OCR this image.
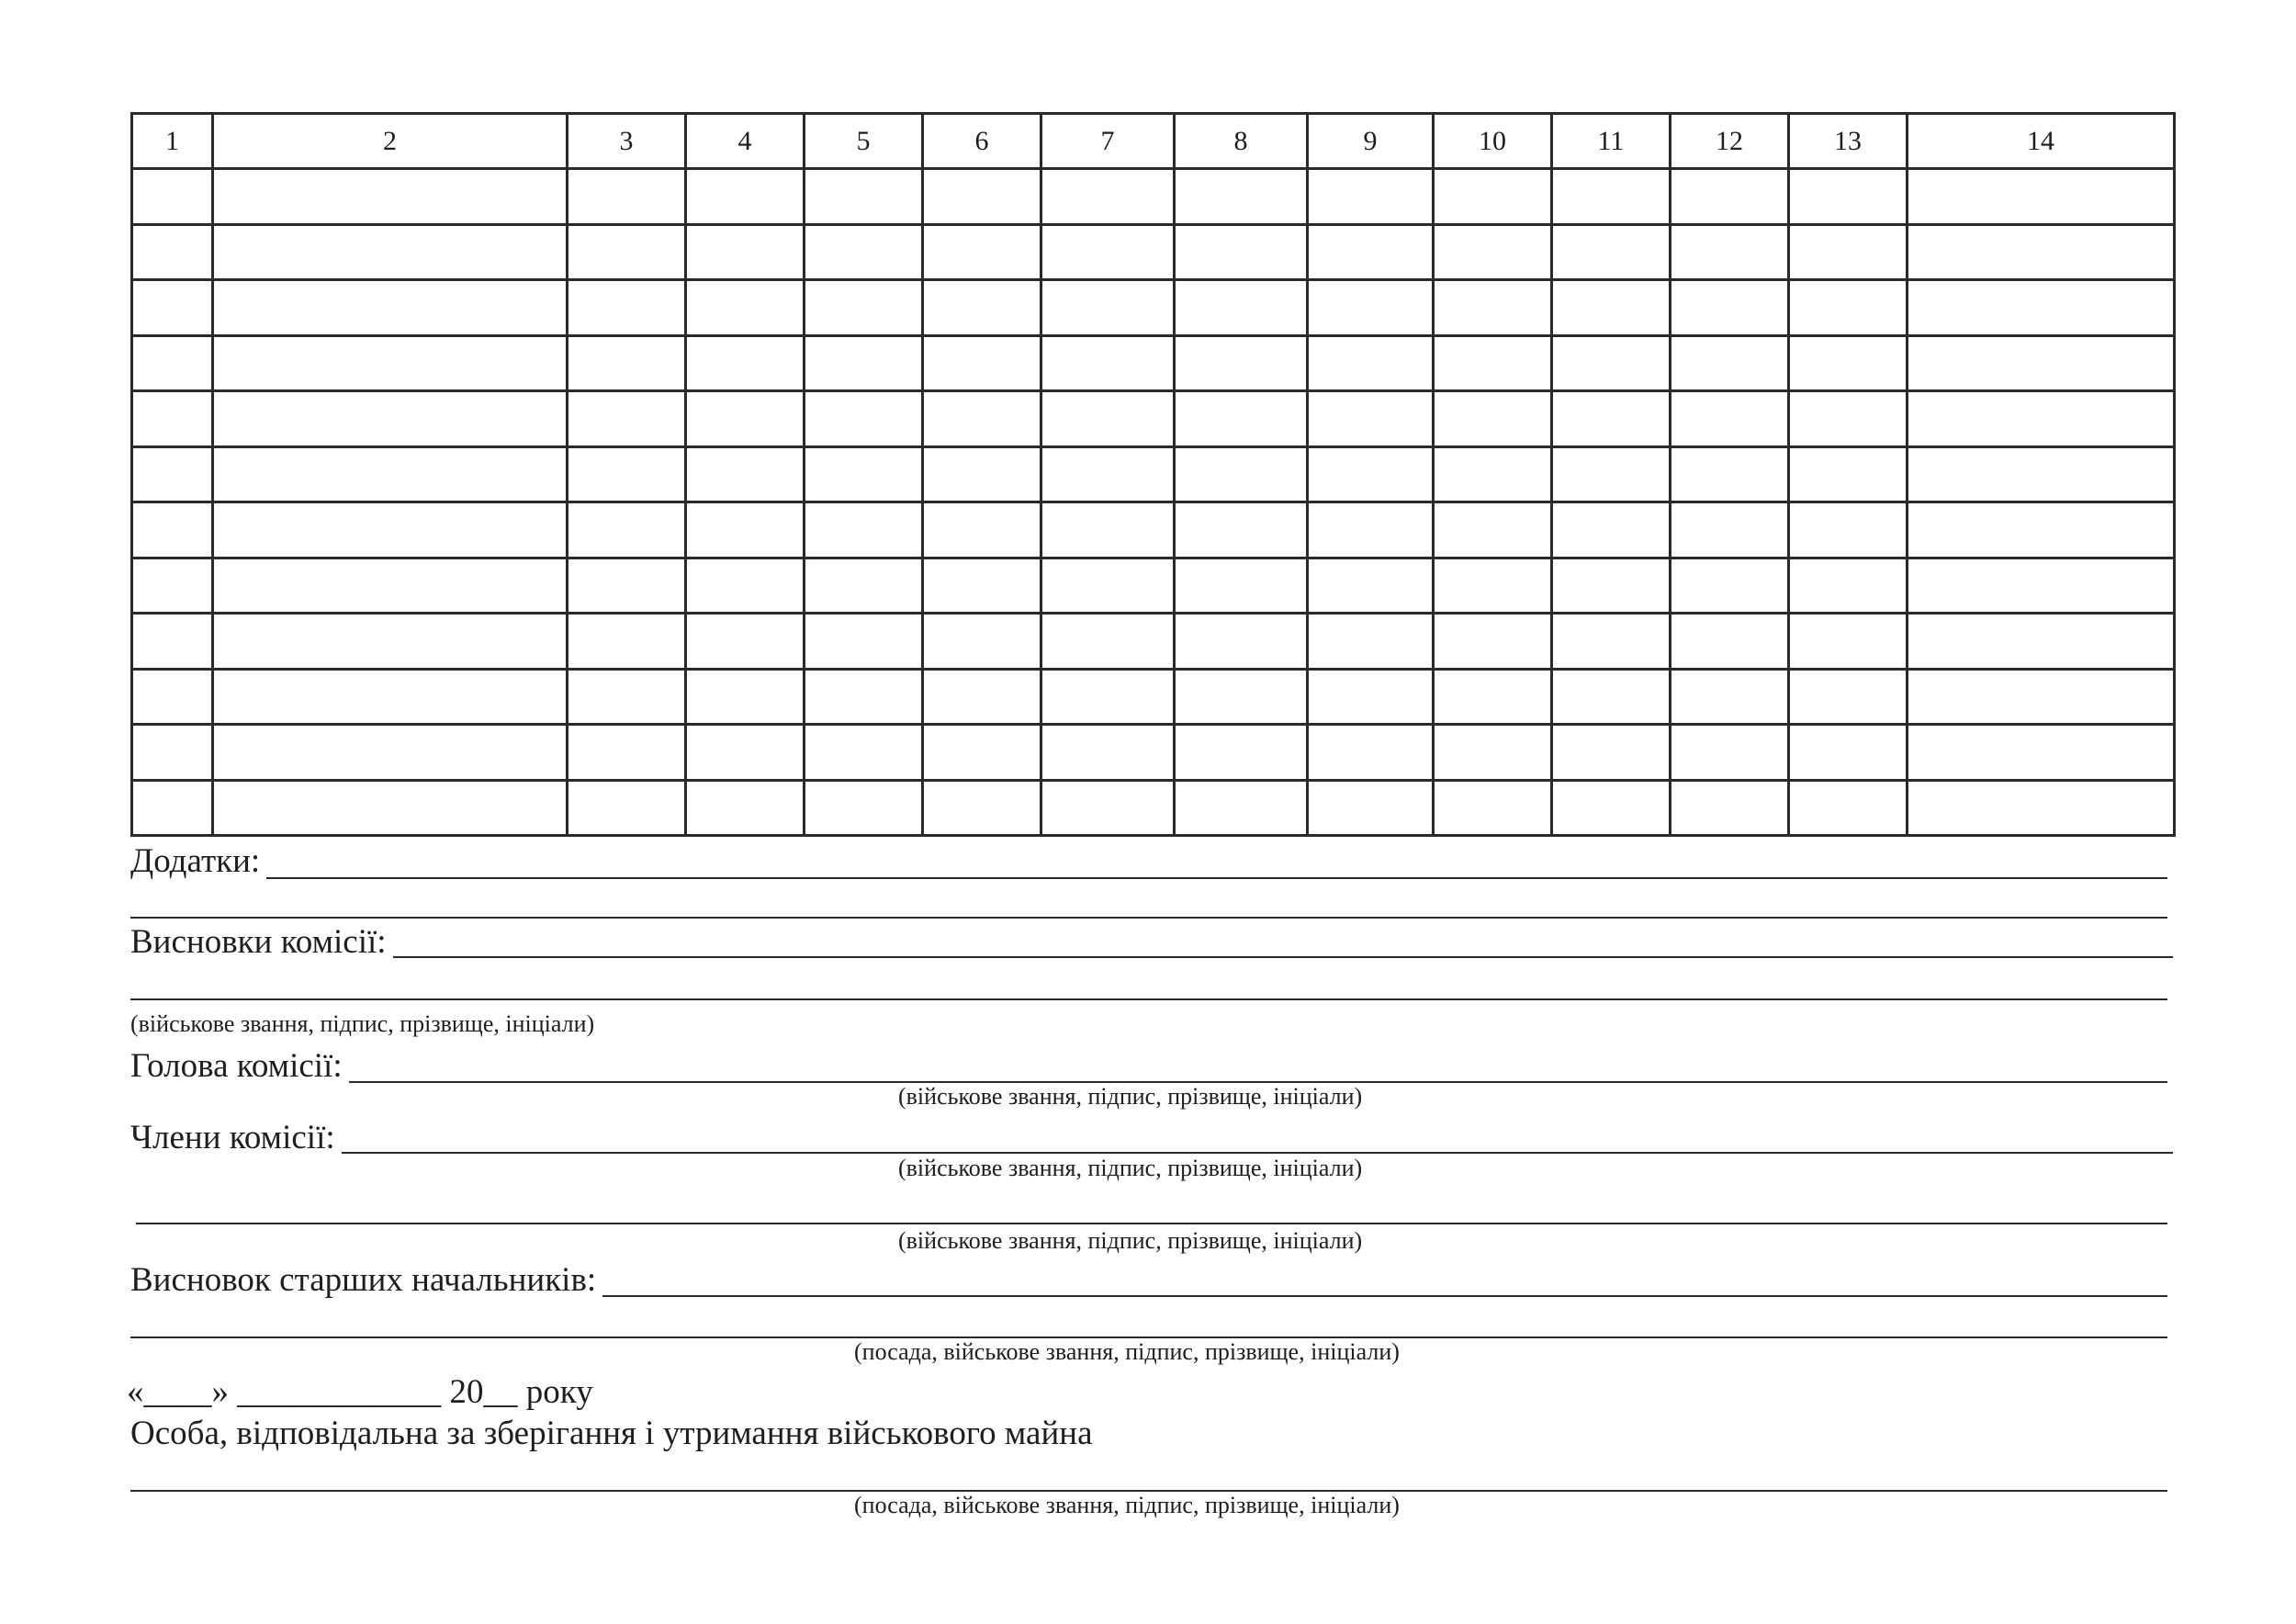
1	2	3	4	5	6	7	8	9	10	11	12	13	14

Додатки:
Висновки комісії:
(військове звання, підпис, прізвище, ініціали)
Голова комісії:
(військове звання, підпис, прізвище, ініціали)
Члени комісії:
(військове звання, підпис, прізвище, ініціали)
(військове звання, підпис, прізвище, ініціали)
Висновок старших начальників:
(посада, військове звання, підпис, прізвище, ініціали)
«____» ____________ 20__ року
Особа, відповідальна за зберігання і утримання військового майна
(посада, військове звання, підпис, прізвище, ініціали)
